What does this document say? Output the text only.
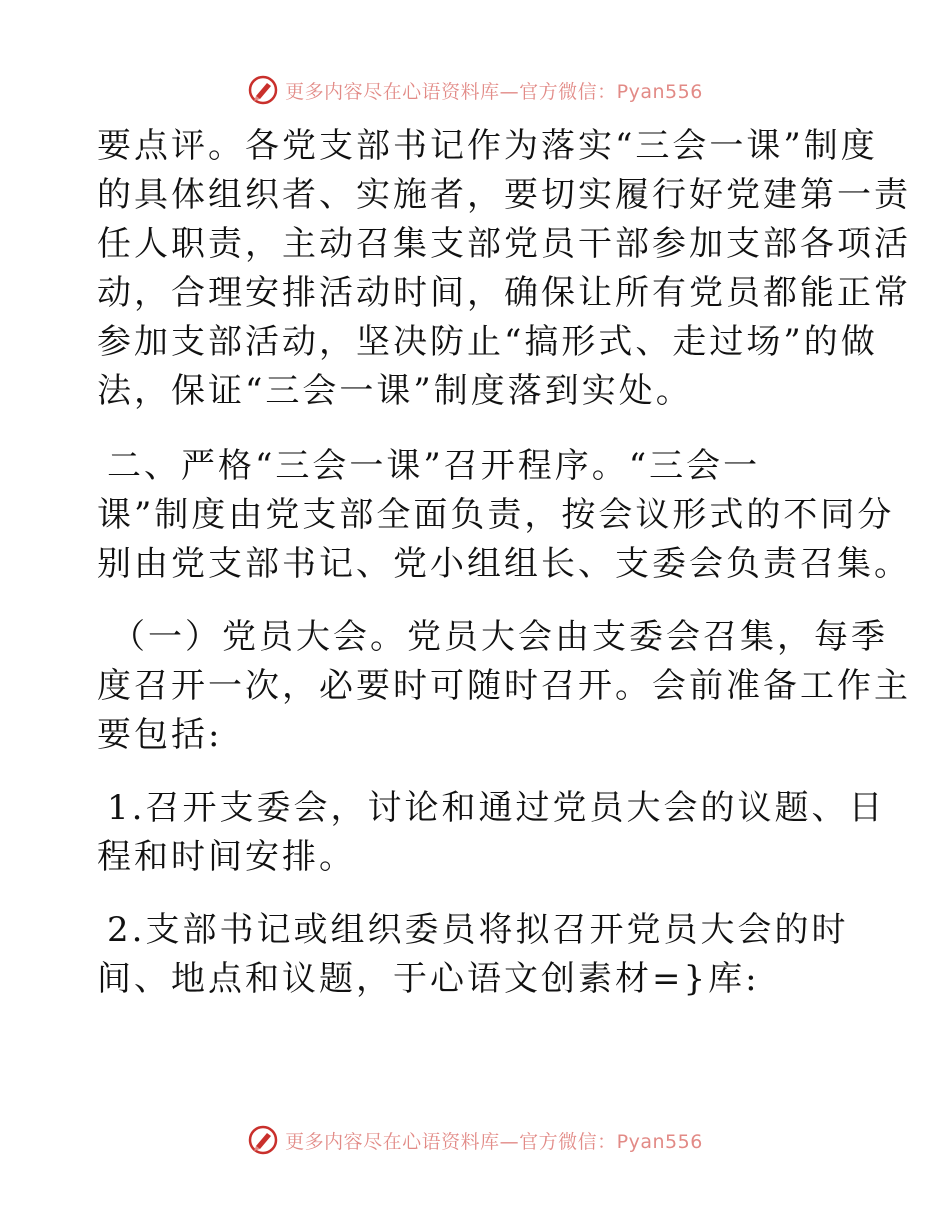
更多内容尽在心语资料库—官方微信：Pyan556

要点评。各党支部书记作为落实“三会一课”制度
的具体组织者、实施者，要切实履行好党建第一责
任人职责，主动召集支部党员干部参加支部各项活
动，合理安排活动时间，确保让所有党员都能正常
参加支部活动，坚决防止“搞形式、走过场”的做
法，保证“三会一课”制度落到实处。

二、严格“三会一课”召开程序。“三会一
课”制度由党支部全面负责，按会议形式的不同分
别由党支部书记、党小组组长、支委会负责召集。

（一）党员大会。党员大会由支委会召集，每季
度召开一次，必要时可随时召开。会前准备工作主
要包括:

1.召开支委会，讨论和通过党员大会的议题、日
程和时间安排。

2.支部书记或组织委员将拟召开党员大会的时
间、地点和议题，于心语文创素材=}库:

更多内容尽在心语资料库—官方微信：Pyan556
